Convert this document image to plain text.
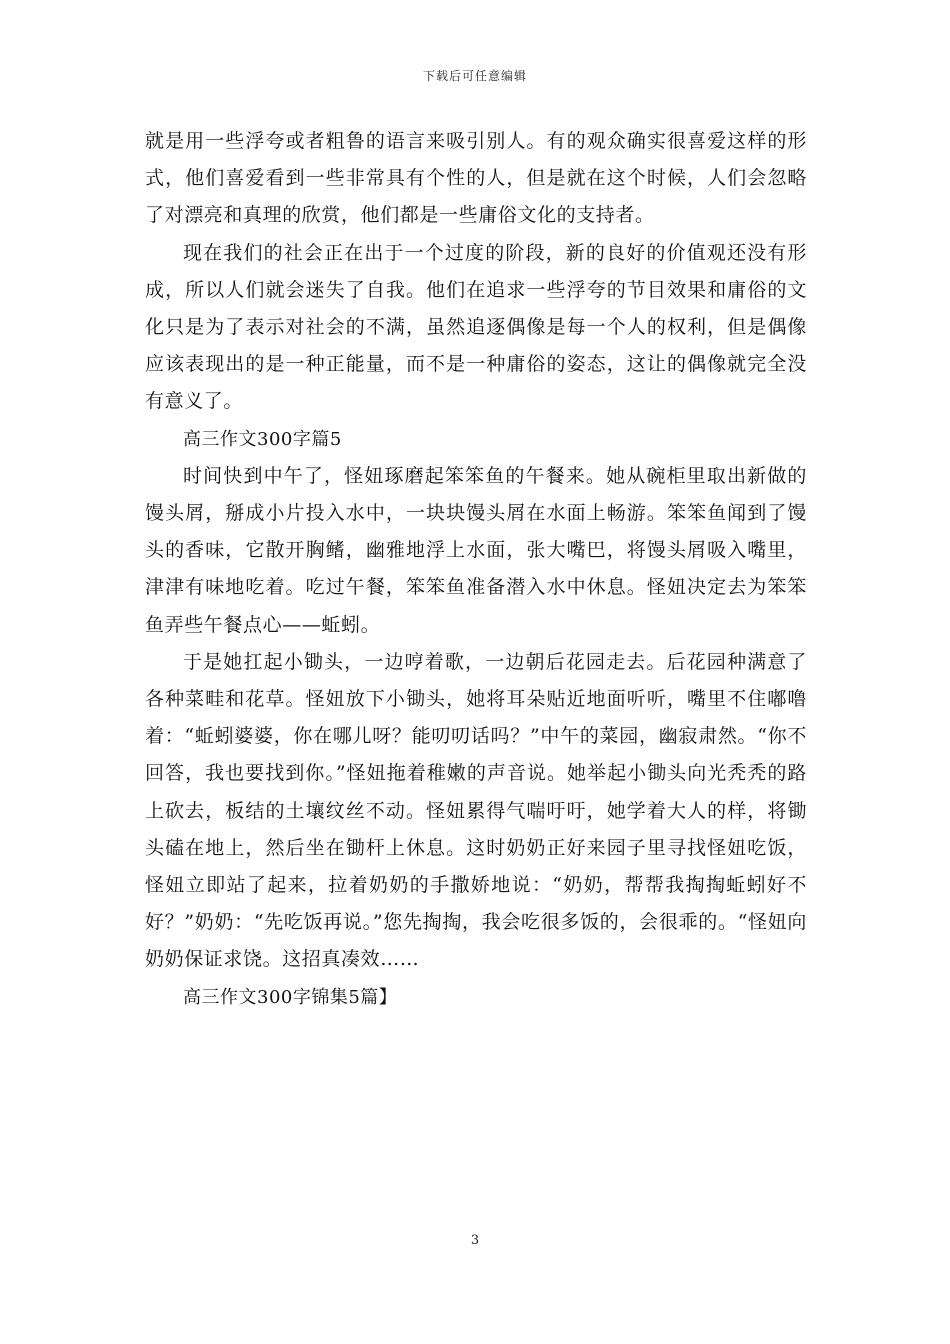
下载后可任意编辑

就是用一些浮夸或者粗鲁的语言来吸引别人。有的观众确实很喜爱这样的形式，他们喜爱看到一些非常具有个性的人，但是就在这个时候，人们会忽略了对漂亮和真理的欣赏，他们都是一些庸俗文化的支持者。

现在我们的社会正在出于一个过度的阶段，新的良好的价值观还没有形成，所以人们就会迷失了自我。他们在追求一些浮夸的节目效果和庸俗的文化只是为了表示对社会的不满，虽然追逐偶像是每一个人的权利，但是偶像应该表现出的是一种正能量，而不是一种庸俗的姿态，这让的偶像就完全没有意义了。

高三作文300字篇5

时间快到中午了，怪妞琢磨起笨笨鱼的午餐来。她从碗柜里取出新做的馒头屑，掰成小片投入水中，一块块馒头屑在水面上畅游。笨笨鱼闻到了馒头的香味，它散开胸鳍，幽雅地浮上水面，张大嘴巴，将馒头屑吸入嘴里，津津有味地吃着。吃过午餐，笨笨鱼准备潜入水中休息。怪妞决定去为笨笨鱼弄些午餐点心——蚯蚓。

于是她扛起小锄头，一边哼着歌，一边朝后花园走去。后花园种满意了各种菜畦和花草。怪妞放下小锄头，她将耳朵贴近地面听听，嘴里不住嘟噜着：“蚯蚓婆婆，你在哪儿呀？能叨叨话吗？”中午的菜园，幽寂肃然。“你不回答，我也要找到你。”怪妞拖着稚嫩的声音说。她举起小锄头向光秃秃的路上砍去，板结的土壤纹丝不动。怪妞累得气喘吁吁，她学着大人的样，将锄头磕在地上，然后坐在锄杆上休息。这时奶奶正好来园子里寻找怪妞吃饭，怪妞立即站了起来，拉着奶奶的手撒娇地说：“奶奶，帮帮我掏掏蚯蚓好不好？”奶奶：“先吃饭再说。”您先掏掏，我会吃很多饭的，会很乖的。“怪妞向奶奶保证求饶。这招真凑效……

高三作文300字锦集5篇】

3
